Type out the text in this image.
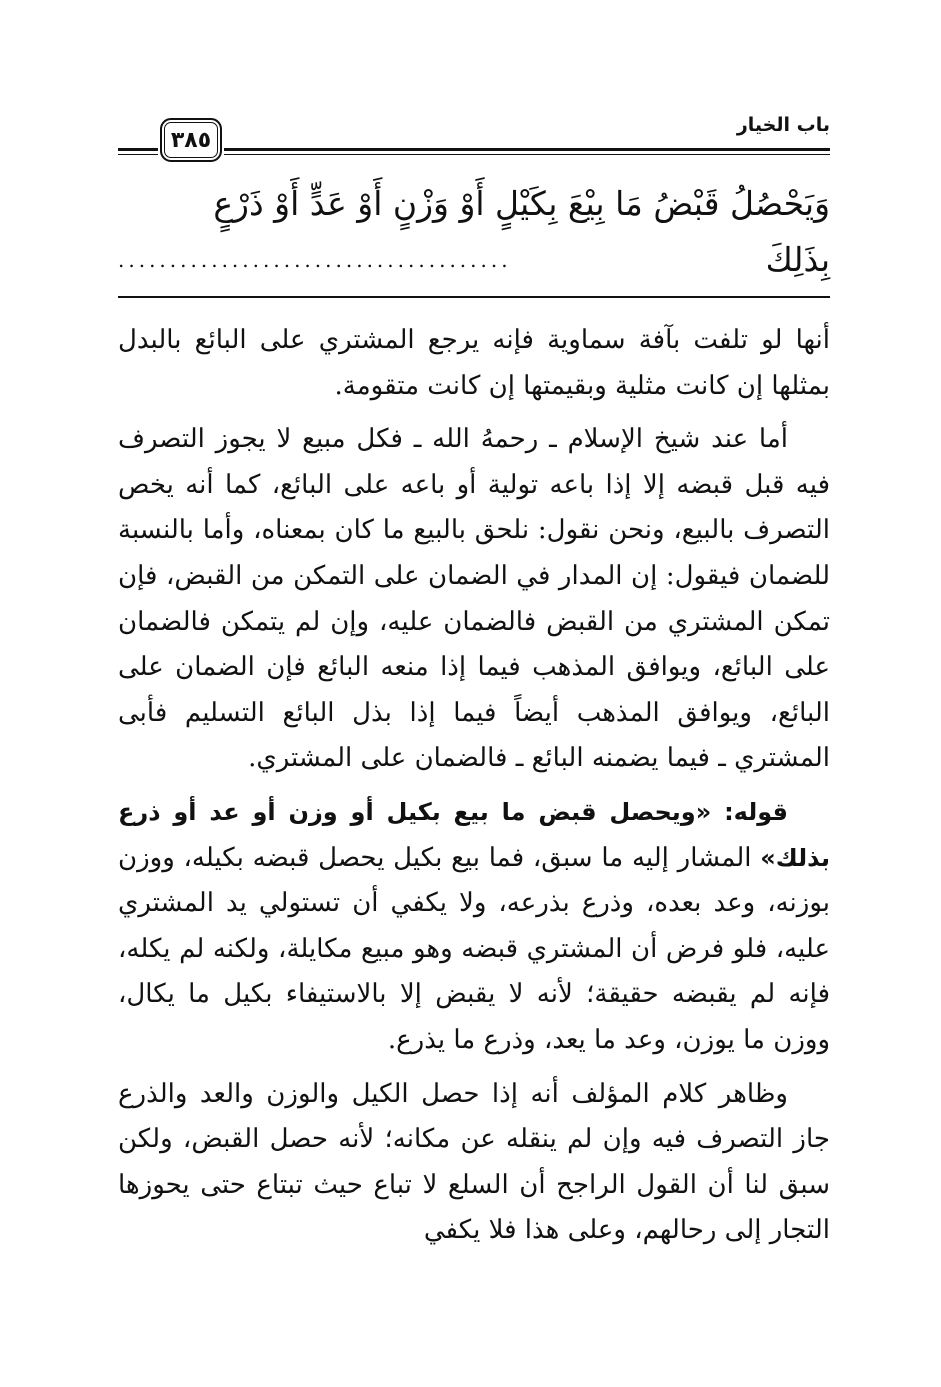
٣٨٥
باب الخيار
وَيَحْصُلُ قَبْضُ مَا بِيْعَ بِكَيْلٍ أَوْ وَزْنٍ أَوْ عَدٍّ أَوْ ذَرْعٍ
بِذَلِكَ
......................................

أنها لو تلفت بآفة سماوية فإنه يرجع المشتري على البائع بالبدل بمثلها إن كانت مثلية وبقيمتها إن كانت متقومة.

أما عند شيخ الإسلام ـ رحمهُ الله ـ فكل مبيع لا يجوز التصرف فيه قبل قبضه إلا إذا باعه تولية أو باعه على البائع، كما أنه يخص التصرف بالبيع، ونحن نقول: نلحق بالبيع ما كان بمعناه، وأما بالنسبة للضمان فيقول: إن المدار في الضمان على التمكن من القبض، فإن تمكن المشتري من القبض فالضمان عليه، وإن لم يتمكن فالضمان على البائع، ويوافق المذهب فيما إذا منعه البائع فإن الضمان على البائع، ويوافق المذهب أيضاً فيما إذا بذل البائع التسليم فأبى المشتري ـ فيما يضمنه البائع ـ فالضمان على المشتري.

قوله: «ويحصل قبض ما بيع بكيل أو وزن أو عد أو ذرع بذلك» المشار إليه ما سبق، فما بيع بكيل يحصل قبضه بكيله، ووزن بوزنه، وعد بعده، وذرع بذرعه، ولا يكفي أن تستولي يد المشتري عليه، فلو فرض أن المشتري قبضه وهو مبيع مكايلة، ولكنه لم يكله، فإنه لم يقبضه حقيقة؛ لأنه لا يقبض إلا بالاستيفاء بكيل ما يكال، ووزن ما يوزن، وعد ما يعد، وذرع ما يذرع.

وظاهر كلام المؤلف أنه إذا حصل الكيل والوزن والعد والذرع جاز التصرف فيه وإن لم ينقله عن مكانه؛ لأنه حصل القبض، ولكن سبق لنا أن القول الراجح أن السلع لا تباع حيث تبتاع حتى يحوزها التجار إلى رحالهم، وعلى هذا فلا يكفي
